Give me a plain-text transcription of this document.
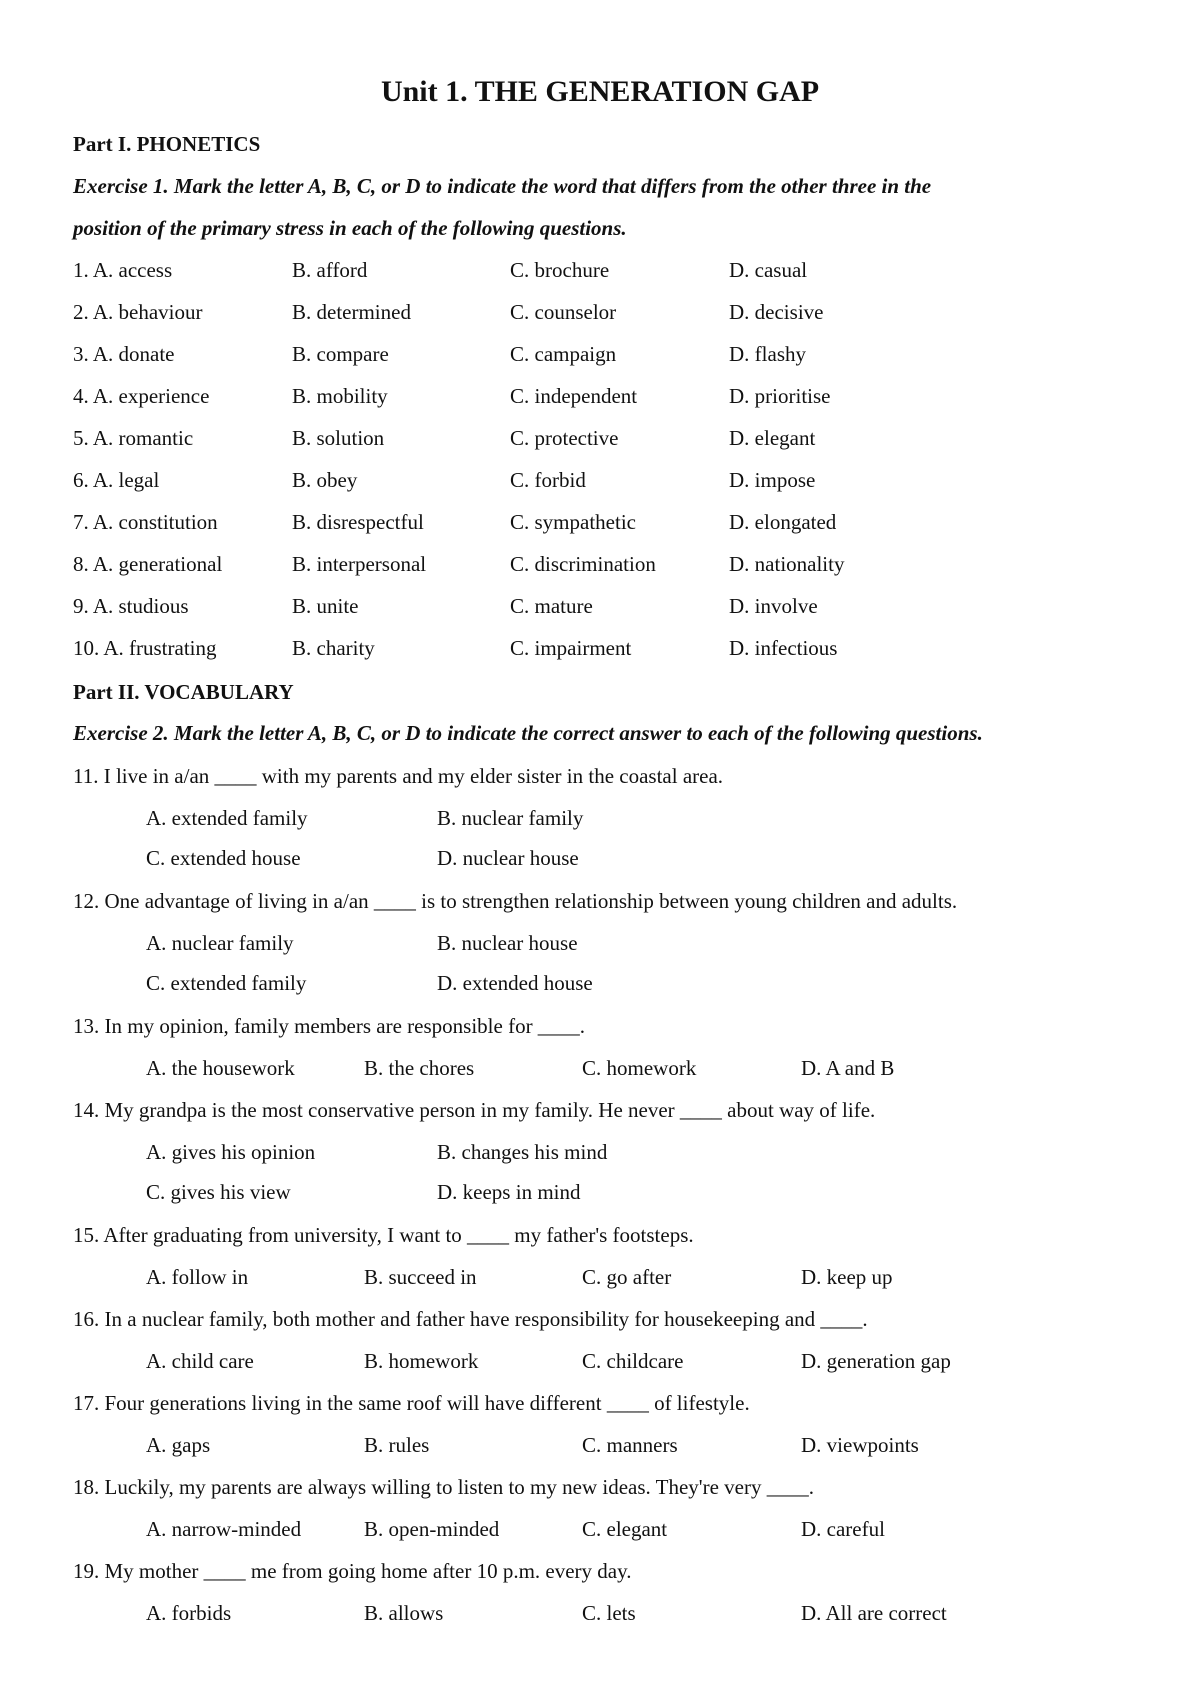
Unit 1. THE GENERATION GAP
Part I. PHONETICS
Exercise 1. Mark the letter A, B, C, or D to indicate the word that differs from the other three in the
position of the primary stress in each of the following questions.
1. A. access	B. afford	C. brochure	D. casual
2. A. behaviour	B. determined	C. counselor	D. decisive
3. A. donate	B. compare	C. campaign	D. flashy
4. A. experience	B. mobility	C. independent	D. prioritise
5. A. romantic	B. solution	C. protective	D. elegant
6. A. legal	B. obey	C. forbid	D. impose
7. A. constitution	B. disrespectful	C. sympathetic	D. elongated
8. A. generational	B. interpersonal	C. discrimination	D. nationality
9. A. studious	B. unite	C. mature	D. involve
10. A. frustrating	B. charity	C. impairment	D. infectious
Part II. VOCABULARY
Exercise 2. Mark the letter A, B, C, or D to indicate the correct answer to each of the following questions.
11. I live in a/an ____ with my parents and my elder sister in the coastal area.
A. extended family	B. nuclear family
C. extended house	D. nuclear house
12. One advantage of living in a/an ____ is to strengthen relationship between young children and adults.
A. nuclear family	B. nuclear house
C. extended family	D. extended house
13. In my opinion, family members are responsible for ____.
A. the housework	B. the chores	C. homework	D. A and B
14. My grandpa is the most conservative person in my family. He never ____ about way of life.
A. gives his opinion	B. changes his mind
C. gives his view	D. keeps in mind
15. After graduating from university, I want to ____ my father's footsteps.
A. follow in	B. succeed in	C. go after	D. keep up
16. In a nuclear family, both mother and father have responsibility for housekeeping and ____.
A. child care	B. homework	C. childcare	D. generation gap
17. Four generations living in the same roof will have different ____ of lifestyle.
A. gaps	B. rules	C. manners	D. viewpoints
18. Luckily, my parents are always willing to listen to my new ideas. They're very ____.
A. narrow-minded	B. open-minded	C. elegant	D. careful
19. My mother ____ me from going home after 10 p.m. every day.
A. forbids	B. allows	C. lets	D. All are correct
